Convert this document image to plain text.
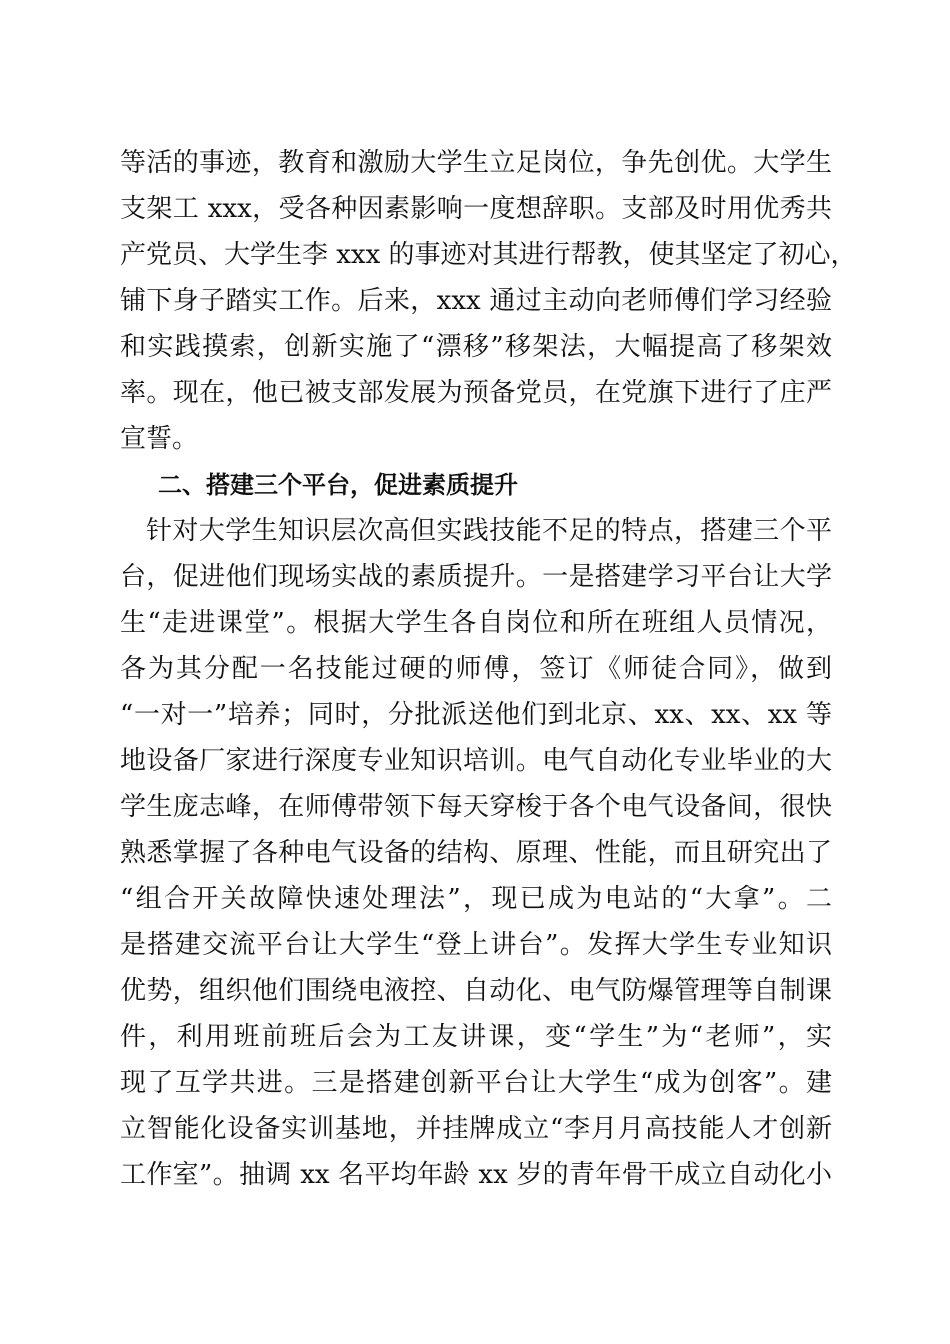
等活的事迹，教育和激励大学生立足岗位，争先创优。大学生
支架工 xxx，受各种因素影响一度想辞职。支部及时用优秀共
产党员、大学生李 xxx 的事迹对其进行帮教，使其坚定了初心，
铺下身子踏实工作。后来，xxx 通过主动向老师傅们学习经验
和实践摸索，创新实施了“漂移”移架法，大幅提高了移架效
率。现在，他已被支部发展为预备党员，在党旗下进行了庄严
宣誓。
二、搭建三个平台，促进素质提升
针对大学生知识层次高但实践技能不足的特点，搭建三个平
台，促进他们现场实战的素质提升。一是搭建学习平台让大学
生“走进课堂”。根据大学生各自岗位和所在班组人员情况，
各为其分配一名技能过硬的师傅，签订《师徒合同》，做到
“一对一”培养；同时，分批派送他们到北京、xx、xx、xx 等
地设备厂家进行深度专业知识培训。电气自动化专业毕业的大
学生庞志峰，在师傅带领下每天穿梭于各个电气设备间，很快
熟悉掌握了各种电气设备的结构、原理、性能，而且研究出了
“组合开关故障快速处理法”，现已成为电站的“大拿”。二
是搭建交流平台让大学生“登上讲台”。发挥大学生专业知识
优势，组织他们围绕电液控、自动化、电气防爆管理等自制课
件，利用班前班后会为工友讲课，变“学生”为“老师”，实
现了互学共进。三是搭建创新平台让大学生“成为创客”。建
立智能化设备实训基地，并挂牌成立“李月月高技能人才创新
工作室”。抽调 xx 名平均年龄 xx 岁的青年骨干成立自动化小
